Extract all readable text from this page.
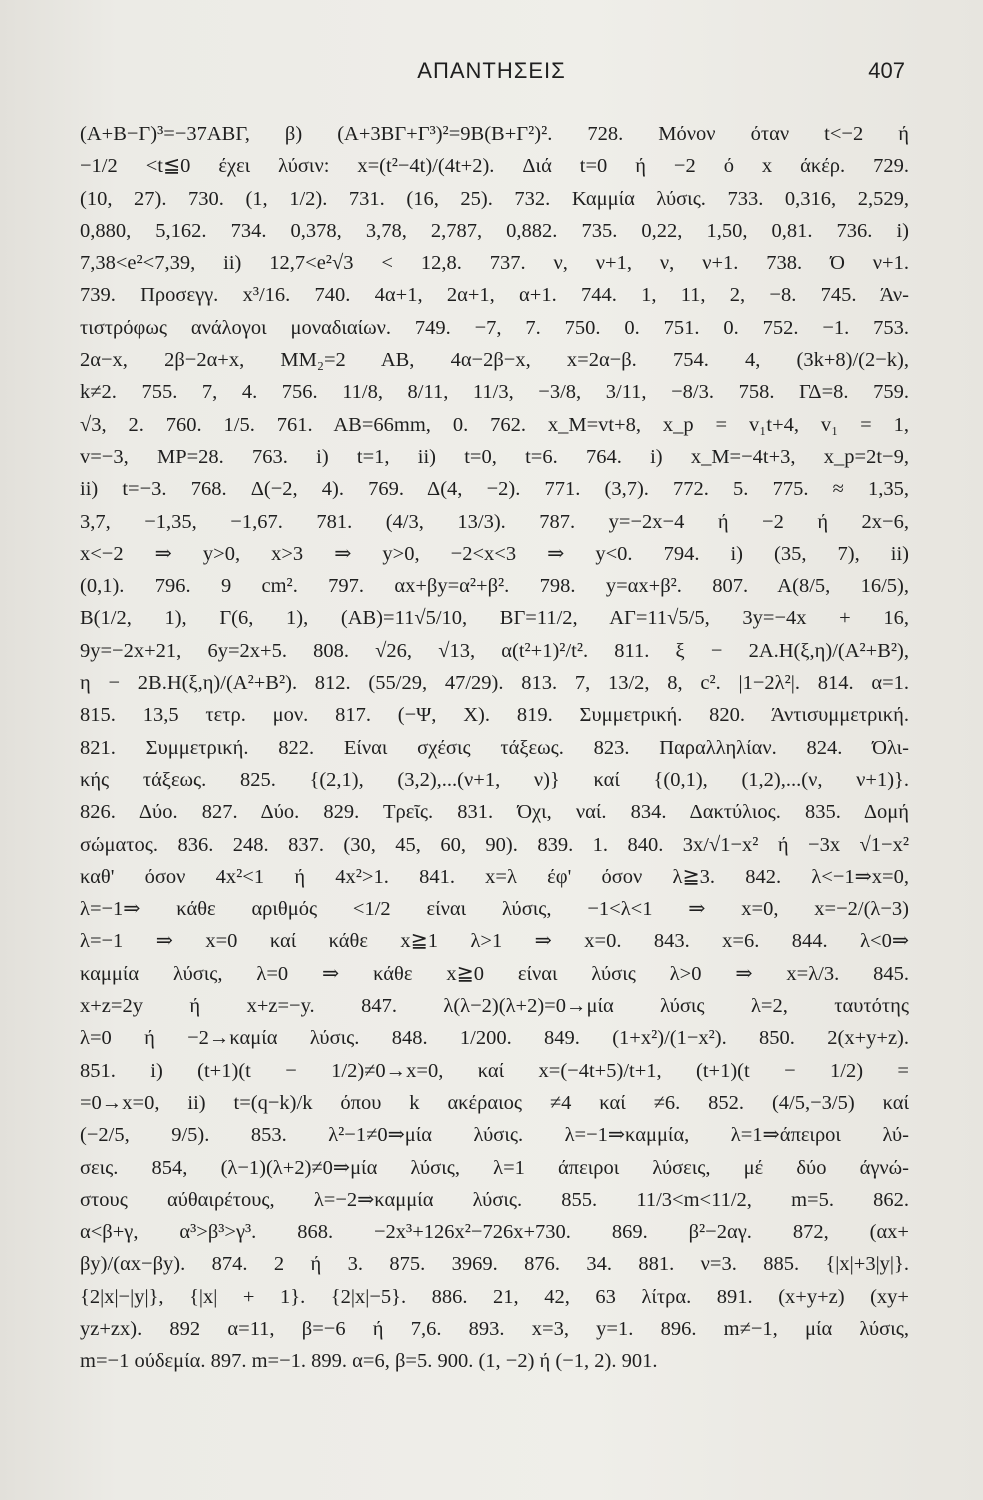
ΑΠΑΝΤΗΣΕΙΣ	407
(Α+Β−Γ)³=−37ΑΒΓ, β) (Α+3ΒΓ+Γ³)²=9Β(Β+Γ²)². 728. Μόνον όταν t<−2 ή
−1/2 <t≦0 έχει λύσιν: x=(t²−4t)/(4t+2). Διά t=0 ή −2 ό x άκέρ. 729.
(10, 27). 730. (1, 1/2). 731. (16, 25). 732. Καμμία λύσις. 733. 0,316, 2,529,
0,880, 5,162. 734. 0,378, 3,78, 2,787, 0,882. 735. 0,22, 1,50, 0,81. 736. i)
7,38<e²<7,39, ii) 12,7<e²√3 < 12,8. 737. ν, ν+1, ν, ν+1. 738. Ό ν+1.
739. Προσεγγ. x³/16. 740. 4α+1, 2α+1, α+1. 744. 1, 11, 2, −8. 745. Άν-
τιστρόφως ανάλογοι μοναδιαίων. 749. −7, 7. 750. 0. 751. 0. 752. −1. 753.
2α−x, 2β−2α+x, ΜΜ₂=2 ΑΒ, 4α−2β−x, x=2α−β. 754. 4, (3k+8)/(2−k),
k≠2. 755. 7, 4. 756. 11/8, 8/11, 11/3, −3/8, 3/11, −8/3. 758. ΓΔ=8. 759.
√3, 2. 760. 1/5. 761. ΑΒ=66mm, 0. 762. x_M=vt+8, x_p = v₁t+4, v₁ = 1,
v=−3, ΜΡ=28. 763. i) t=1, ii) t=0, t=6. 764. i) x_M=−4t+3, x_p=2t−9,
ii) t=−3. 768. Δ(−2, 4). 769. Δ(4, −2). 771. (3,7). 772. 5. 775. ≈ 1,35,
3,7, −1,35, −1,67. 781. (4/3, 13/3). 787. y=−2x−4 ή −2 ή 2x−6,
x<−2 ⇒ y>0, x>3 ⇒ y>0, −2<x<3 ⇒ y<0. 794. i) (35, 7), ii)
(0,1). 796. 9 cm². 797. αx+βy=α²+β². 798. y=αx+β². 807. Α(8/5, 16/5),
Β(1/2, 1), Γ(6, 1), (ΑΒ)=11√5/10, ΒΓ=11/2, ΑΓ=11√5/5, 3y=−4x + 16,
9y=−2x+21, 6y=2x+5. 808. √26, √13, α(t²+1)²/t². 811. ξ − 2Α.Η(ξ,η)/(Α²+Β²),
η − 2Β.Η(ξ,η)/(Α²+Β²). 812. (55/29, 47/29). 813. 7, 13/2, 8, c². |1−2λ²|. 814. α=1.
815. 13,5 τετρ. μον. 817. (−Ψ, Χ). 819. Συμμετρική. 820. Άντισυμμετρική.
821. Συμμετρική. 822. Είναι σχέσις τάξεως. 823. Παραλληλίαν. 824. Όλι-
κής τάξεως. 825. {(2,1), (3,2),...(ν+1, ν)} καί {(0,1), (1,2),...(ν, ν+1)}.
826. Δύο. 827. Δύο. 829. Τρεῖς. 831. Όχι, ναί. 834. Δακτύλιος. 835. Δομή
σώματος. 836. 248. 837. (30, 45, 60, 90). 839. 1. 840. 3x/√1−x² ή −3x √1−x²
καθ' όσον 4x²<1 ή 4x²>1. 841. x=λ έφ' όσον λ≧3. 842. λ<−1⇒x=0,
λ=−1⇒ κάθε αριθμός <1/2 είναι λύσις, −1<λ<1 ⇒ x=0, x=−2/(λ−3)
λ=−1 ⇒ x=0 καί κάθε x≧1 λ>1 ⇒ x=0. 843. x=6. 844. λ<0⇒
καμμία λύσις, λ=0 ⇒ κάθε x≧0 είναι λύσις λ>0 ⇒ x=λ/3. 845.
x+z=2y ή x+z=−y. 847. λ(λ−2)(λ+2)=0→μία λύσις λ=2, ταυτότης
λ=0 ή −2→καμία λύσις. 848. 1/200. 849. (1+x²)/(1−x²). 850. 2(x+y+z).
851. i) (t+1)(t − 1/2)≠0→x=0, καί x=(−4t+5)/t+1, (t+1)(t − 1/2) =
=0→x=0, ii) t=(q−k)/k όπου k ακέραιος ≠4 καί ≠6. 852. (4/5,−3/5) καί
(−2/5, 9/5). 853. λ²−1≠0⇒μία λύσις. λ=−1⇒καμμία, λ=1⇒άπειροι λύ-
σεις. 854, (λ−1)(λ+2)≠0⇒μία λύσις, λ=1 άπειροι λύσεις, μέ δύο άγνώ-
στους αύθαιρέτους, λ=−2⇒καμμία λύσις. 855. 11/3<m<11/2, m=5. 862.
α<β+γ, α³>β³>γ³. 868. −2x³+126x²−726x+730. 869. β²−2αγ. 872, (αx+
βy)/(αx−βy). 874. 2 ή 3. 875. 3969. 876. 34. 881. ν=3. 885. {|x|+3|y|}.
{2|x|−|y|}, {|x| + 1}. {2|x|−5}. 886. 21, 42, 63 λίτρα. 891. (x+y+z) (xy+
yz+zx). 892 α=11, β=−6 ή 7,6. 893. x=3, y=1. 896. m≠−1, μία λύσις,
m=−1 ούδεμία. 897. m=−1. 899. α=6, β=5. 900. (1, −2) ή (−1, 2). 901.
